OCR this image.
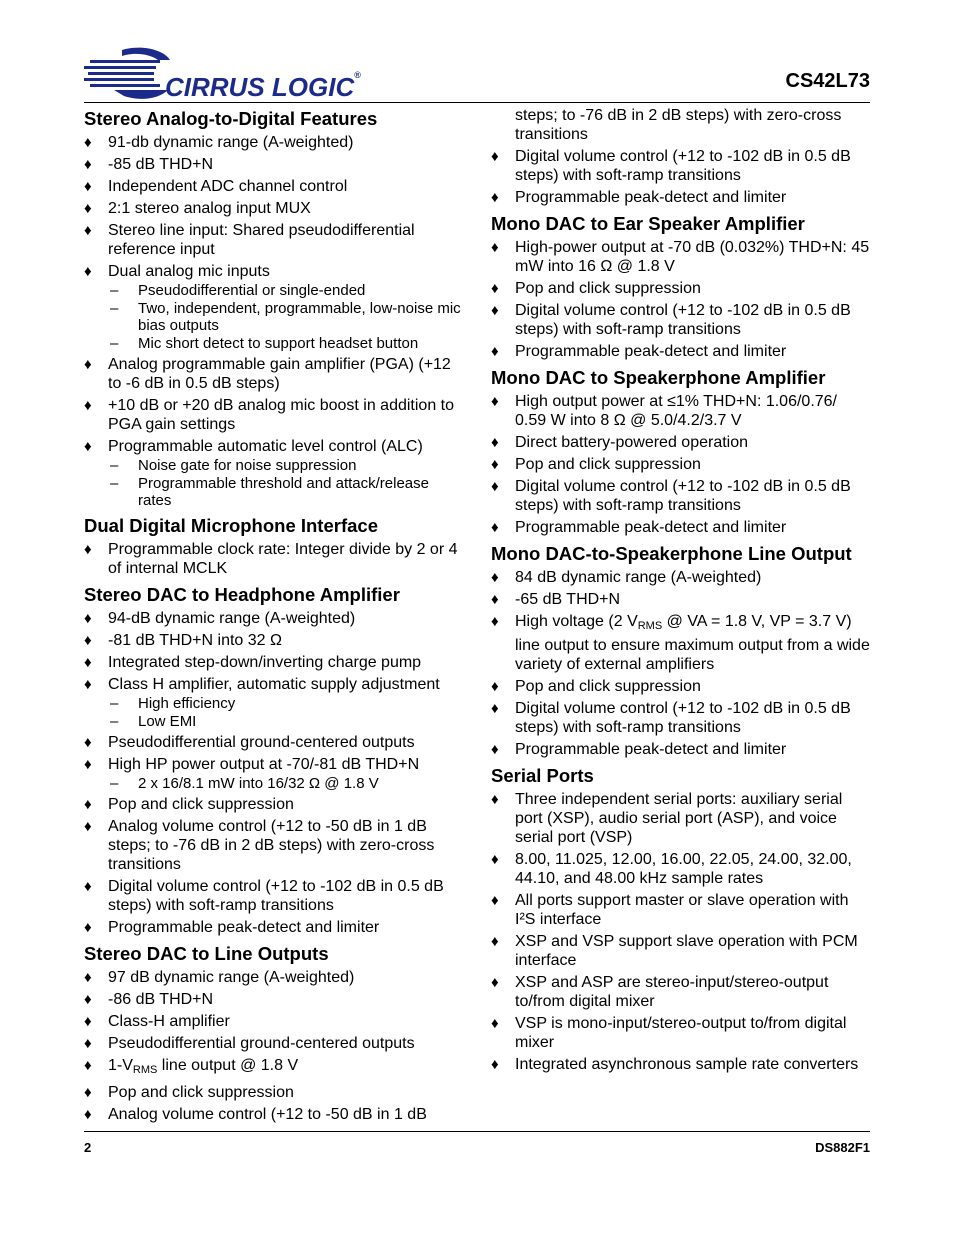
CIRRUS LOGIC®	CS42L73
Stereo Analog-to-Digital Features
♦ 91-db dynamic range (A-weighted)
♦ -85 dB THD+N
♦ Independent ADC channel control
♦ 2:1 stereo analog input MUX
♦ Stereo line input: Shared pseudodifferential reference input
♦ Dual analog mic inputs
– Pseudodifferential or single-ended
– Two, independent, programmable, low-noise mic bias outputs
– Mic short detect to support headset button
♦ Analog programmable gain amplifier (PGA) (+12 to -6 dB in 0.5 dB steps)
♦ +10 dB or +20 dB analog mic boost in addition to PGA gain settings
♦ Programmable automatic level control (ALC)
– Noise gate for noise suppression
– Programmable threshold and attack/release rates
Dual Digital Microphone Interface
♦ Programmable clock rate: Integer divide by 2 or 4 of internal MCLK
Stereo DAC to Headphone Amplifier
♦ 94-dB dynamic range (A-weighted)
♦ -81 dB THD+N into 32 Ω
♦ Integrated step-down/inverting charge pump
♦ Class H amplifier, automatic supply adjustment
– High efficiency
– Low EMI
♦ Pseudodifferential ground-centered outputs
♦ High HP power output at -70/-81 dB THD+N
– 2 x 16/8.1 mW into 16/32 Ω @ 1.8 V
♦ Pop and click suppression
♦ Analog volume control (+12 to -50 dB in 1 dB steps; to -76 dB in 2 dB steps) with zero-cross transitions
♦ Digital volume control (+12 to -102 dB in 0.5 dB steps) with soft-ramp transitions
♦ Programmable peak-detect and limiter
Stereo DAC to Line Outputs
♦ 97 dB dynamic range (A-weighted)
♦ -86 dB THD+N
♦ Class-H amplifier
♦ Pseudodifferential ground-centered outputs
♦ $1-V_{RMS}$ line output @ 1.8 V
♦ Pop and click suppression
♦ Analog volume control (+12 to -50 dB in 1 dB
steps; to -76 dB in 2 dB steps) with zero-cross transitions
♦ Digital volume control (+12 to -102 dB in 0.5 dB steps) with soft-ramp transitions
♦ Programmable peak-detect and limiter
Mono DAC to Ear Speaker Amplifier
♦ High-power output at -70 dB (0.032%) THD+N: 45 mW into 16 Ω @ 1.8 V
♦ Pop and click suppression
♦ Digital volume control (+12 to -102 dB in 0.5 dB steps) with soft-ramp transitions
♦ Programmable peak-detect and limiter
Mono DAC to Speakerphone Amplifier
♦ High output power at ≤1% THD+N: 1.06/0.76/ 0.59 W into 8 Ω @ 5.0/4.2/3.7 V
♦ Direct battery-powered operation
♦ Pop and click suppression
♦ Digital volume control (+12 to -102 dB in 0.5 dB steps) with soft-ramp transitions
♦ Programmable peak-detect and limiter
Mono DAC-to-Speakerphone Line Output
♦ 84 dB dynamic range (A-weighted)
♦ -65 dB THD+N
♦ High voltage (2 $V_{RMS}$ @ VA = 1.8 V, VP = 3.7 V) line output to ensure maximum output from a wide variety of external amplifiers
♦ Pop and click suppression
♦ Digital volume control (+12 to -102 dB in 0.5 dB steps) with soft-ramp transitions
♦ Programmable peak-detect and limiter
Serial Ports
♦ Three independent serial ports: auxiliary serial port (XSP), audio serial port (ASP), and voice serial port (VSP)
♦ 8.00, 11.025, 12.00, 16.00, 22.05, 24.00, 32.00, 44.10, and 48.00 kHz sample rates
♦ All ports support master or slave operation with I²S interface
♦ XSP and VSP support slave operation with PCM interface
♦ XSP and ASP are stereo-input/stereo-output to/from digital mixer
♦ VSP is mono-input/stereo-output to/from digital mixer
♦ Integrated asynchronous sample rate converters
2	DS882F1
